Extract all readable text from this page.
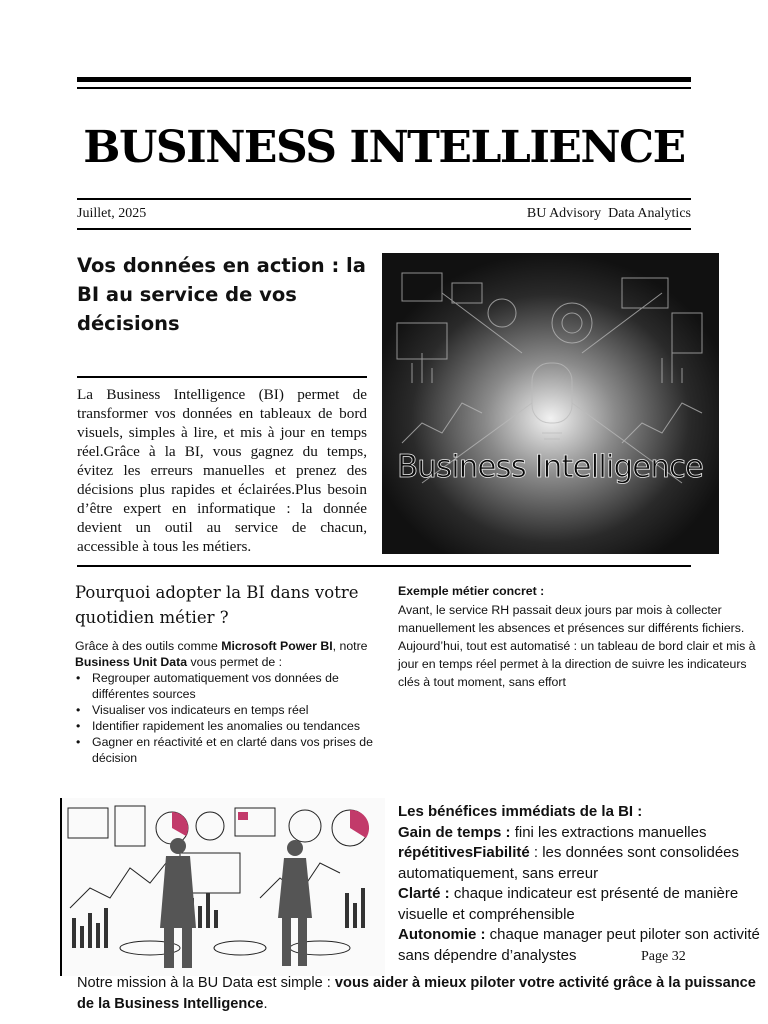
BUSINESS INTELLIENCE
Juillet, 2025	BU Advisory  Data Analytics
Vos données en action : la BI au service de vos décisions
La Business Intelligence (BI) permet de transformer vos données en tableaux de bord visuels, simples à lire, et mis à jour en temps réel.Grâce à la BI, vous gagnez du temps, évitez les erreurs manuelles et prenez des décisions plus rapides et éclairées.Plus besoin d’être expert en informatique : la donnée devient un outil au service de chacun, accessible à tous les métiers.
Business Intelligence
Pourquoi adopter la BI dans votre quotidien métier ?
Grâce à des outils comme Microsoft Power BI, notre Business Unit Data vous permet de :
• Regrouper automatiquement vos données de différentes sources
• Visualiser vos indicateurs en temps réel
• Identifier rapidement les anomalies ou tendances
• Gagner en réactivité et en clarté dans vos prises de décision
Exemple métier concret :
Avant, le service RH passait deux jours par mois à collecter manuellement les absences et présences sur différents fichiers. Aujourd’hui, tout est automatisé : un tableau de bord clair et mis à jour en temps réel permet à la direction de suivre les indicateurs clés à tout moment, sans effort
Les bénéfices immédiats de la BI :
Gain de temps : fini les extractions manuelles répétitivesFiabilité : les données sont consolidées automatiquement, sans erreur
Clarté : chaque indicateur est présenté de manière visuelle et compréhensible
Autonomie : chaque manager peut piloter son activité sans dépendre d’analystes	Page 32
Notre mission à la BU Data est simple : vous aider à mieux piloter votre activité grâce à la puissance de la Business Intelligence.
